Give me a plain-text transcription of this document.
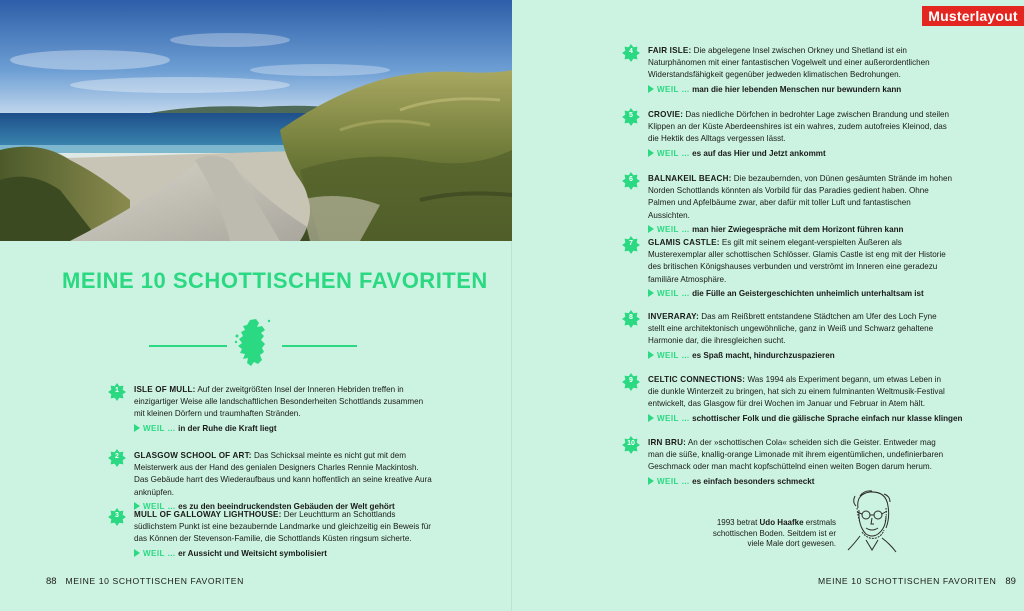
MEINE 10 SCHOTTISCHEN FAVORITEN
1	ISLE OF MULL: Auf der zweitgrößten Insel der Inneren Hebriden treffen in einzigartiger Weise alle landschaftlichen Besonderheiten Schottlands zusammen mit kleinen Dörfern und traumhaften Stränden.

WEIL … in der Ruhe die Kraft liegt
2	GLASGOW SCHOOL OF ART: Das Schicksal meinte es nicht gut mit dem Meisterwerk aus der Hand des genialen Designers Charles Rennie Mackintosh. Das Gebäude harrt des Wiederaufbaus und kann hoffentlich an seine kreative Aura anknüpfen.

WEIL … es zu den beeindruckendsten Gebäuden der Welt gehört
3	MULL OF GALLOWAY LIGHTHOUSE: Der Leuchtturm an Schottlands südlichstem Punkt ist eine bezaubernde Landmarke und gleichzeitig ein Beweis für das Können der Stevenson-Familie, die Schottlands Küsten ringsum sicherte.

WEIL … er Aussicht und Weitsicht symbolisiert
4	FAIR ISLE: Die abgelegene Insel zwischen Orkney und Shetland ist ein Naturphänomen mit einer fantastischen Vogelwelt und einer außerordentlichen Widerstandsfähigkeit gegenüber jedweden klimatischen Bedrohungen.

WEIL … man die hier lebenden Menschen nur bewundern kann
5	CROVIE: Das niedliche Dörfchen in bedrohter Lage zwischen Brandung und steilen Klippen an der Küste Aberdeenshires ist ein wahres, zudem autofreies Kleinod, das die Hektik des Alltags vergessen lässt.

WEIL … es auf das Hier und Jetzt ankommt
6	BALNAKEIL BEACH: Die bezaubernden, von Dünen gesäumten Strände im hohen Norden Schottlands könnten als Vorbild für das Paradies gedient haben. Ohne Palmen und Apfelbäume zwar, aber dafür mit toller Luft und fantastischen Aussichten.

WEIL … man hier Zwiegespräche mit dem Horizont führen kann
7	GLAMIS CASTLE: Es gilt mit seinem elegant-verspielten Äußeren als Musterexemplar aller schottischen Schlösser. Glamis Castle ist eng mit der Historie des britischen Königshauses verbunden und verströmt im Inneren eine geradezu familiäre Atmosphäre.

WEIL … die Fülle an Geistergeschichten unheimlich unterhaltsam ist
8	INVERARAY: Das am Reißbrett entstandene Städtchen am Ufer des Loch Fyne stellt eine architektonisch ungewöhnliche, ganz in Weiß und Schwarz gehaltene Harmonie dar, die ihresgleichen sucht.

WEIL … es Spaß macht, hindurchzuspazieren
9	CELTIC CONNECTIONS: Was 1994 als Experiment begann, um etwas Leben in die dunkle Winterzeit zu bringen, hat sich zu einem fulminanten Weltmusik-Festival entwickelt, das Glasgow für drei Wochen im Januar und Februar in Atem hält.

WEIL … schottischer Folk und die gälische Sprache einfach nur klasse klingen
10	IRN BRU: An der »schottischen Cola« scheiden sich die Geister. Entweder mag man die süße, knallig-orange Limonade mit ihrem eigentümlichen, undefinierbaren Geschmack oder man macht kopfschüttelnd einen weiten Bogen darum herum.

WEIL … es einfach besonders schmeckt
Musterlayout
1993 betrat Udo Haafke erstmals schottischen Boden. Seitdem ist er viele Male dort gewesen.
88 MEINE 10 SCHOTTISCHEN FAVORITEN	MEINE 10 SCHOTTISCHEN FAVORITEN 89
